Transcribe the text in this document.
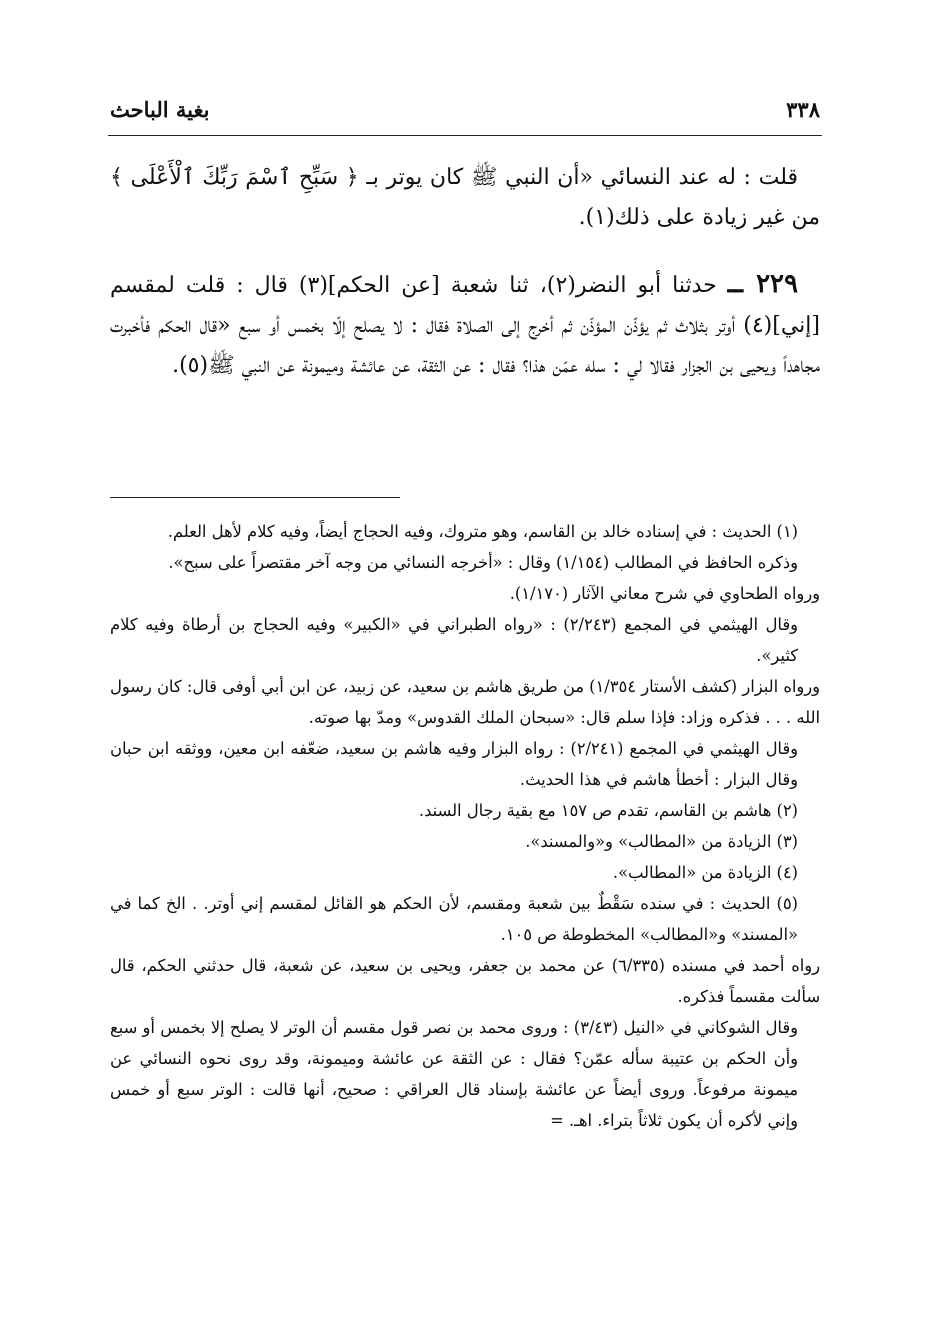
٣٣٨
بغية الباحث

قلت : له عند النسائي «أن النبي ﷺ كان يوتر بـ ﴿ سَبِّحِ ٱسْمَ رَبِّكَ ٱلْأَعْلَى ﴾ من غير زيادة على ذلك(١).

٢٢٩ ــ حدثنا أبو النضر(٢)، ثنا شعبة [عن الحكم](٣) قال : قلت لمقسم [إني](٤) أوتر بثلاث ثم يؤذّن المؤذّن ثم أخرج إلى الصلاة فقال : لا يصلح إلّا بخمس أو سبع «قال الحكم فأخبرت مجاهداً ويحيى بن الجزار فقالا لي : سله عمّن هذا؟ فقال : عن الثقة، عن عائشة وميمونة عن النبي ﷺ(٥).

(١) الحديث : في إسناده خالد بن القاسم، وهو متروك، وفيه الحجاج أيضاً، وفيه كلام لأهل العلم.

وذكره الحافظ في المطالب (١/١٥٤) وقال : «أخرجه النسائي من وجه آخر مقتصراً على سبح».

ورواه الطحاوي في شرح معاني الآثار (١/١٧٠).

وقال الهيثمي في المجمع (٢/٢٤٣) : «رواه الطبراني في «الكبير» وفيه الحجاج بن أرطاة وفيه كلام كثير».

ورواه البزار (كشف الأستار ١/٣٥٤) من طريق هاشم بن سعيد، عن زبيد، عن ابن أبي أوفى قال: كان رسول الله . . . فذكره وزاد: فإذا سلم قال: «سبحان الملك القدوس» ومدّ بها صوته.

وقال الهيثمي في المجمع (٢/٢٤١) : رواه البزار وفيه هاشم بن سعيد، ضعّفه ابن معين، ووثقه ابن حبان وقال البزار : أخطأ هاشم في هذا الحديث.

(٢) هاشم بن القاسم، تقدم ص ١٥٧ مع بقية رجال السند.

(٣) الزيادة من «المطالب» و«والمسند».

(٤) الزيادة من «المطالب».

(٥) الحديث : في سنده سَقْطٌ بين شعبة ومقسم، لأن الحكم هو القائل لمقسم إني أوتر. . الخ كما في «المسند» و«المطالب» المخطوطة ص ١٠٥.

رواه أحمد في مسنده (٦/٣٣٥) عن محمد بن جعفر، ويحيى بن سعيد، عن شعبة، قال حدثني الحكم، قال سألت مقسماً فذكره.

وقال الشوكاني في «النيل (٣/٤٣) : وروى محمد بن نصر قول مقسم أن الوتر لا يصلح إلا بخمس أو سبع وأن الحكم بن عتيبة سأله عمّن؟ فقال : عن الثقة عن عائشة وميمونة، وقد روى نحوه النسائي عن ميمونة مرفوعاً. وروى أيضاً عن عائشة بإسناد قال العراقي : صحيح، أنها قالت : الوتر سبع أو خمس وإني لأكره أن يكون ثلاثاً بتراء. اهـ. =
